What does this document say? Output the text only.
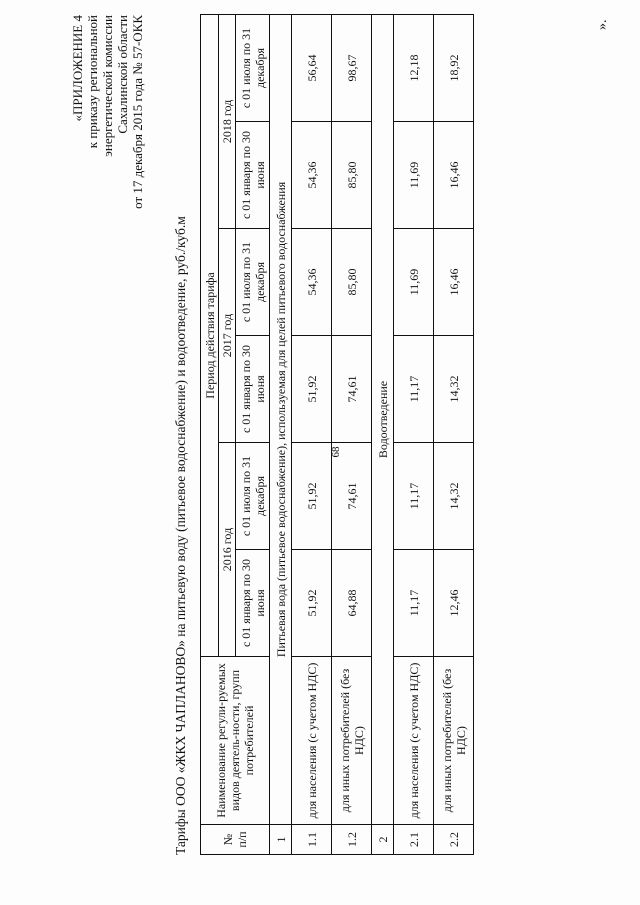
68
«ПРИЛОЖЕНИЕ 4 к приказу региональной энергетической комиссии Сахалинской области от 17 декабря 2015 года № 57-ОКК
Тарифы ООО «ЖКХ ЧАПЛАНОВО» на питьевую воду (питьевое водоснабжение) и водоотведение, руб./куб.м	№ п/п	Наименование регули-руемых видов деятель-ности, групп потребителей	Период действия тарифа					
		2016 год		2017 год		2018 год	
		с 01 января по 30 июня	с 01 июля по 31 декабря	с 01 января по 30 июня	с 01 июля по 31 декабря	с 01 января по 30 июня	с 01 июля по 31 декабря
1	Питьевая вода (питьевое водоснабжение), используемая для целей питьевого водоснабжения						
1.1	для населения (с учетом НДС)	51,92	51,92	51,92	54,36	54,36	56,64
1.2	для иных потребителей (без НДС)	64,88	74,61	74,61	85,80	85,80	98,67
2	Водоотведение						
2.1	для населения (с учетом НДС)	11,17	11,17	11,17	11,69	11,69	12,18
2.2	для иных потребителей (без НДС)	12,46	14,32	14,32	16,46	16,46	18,92
».
